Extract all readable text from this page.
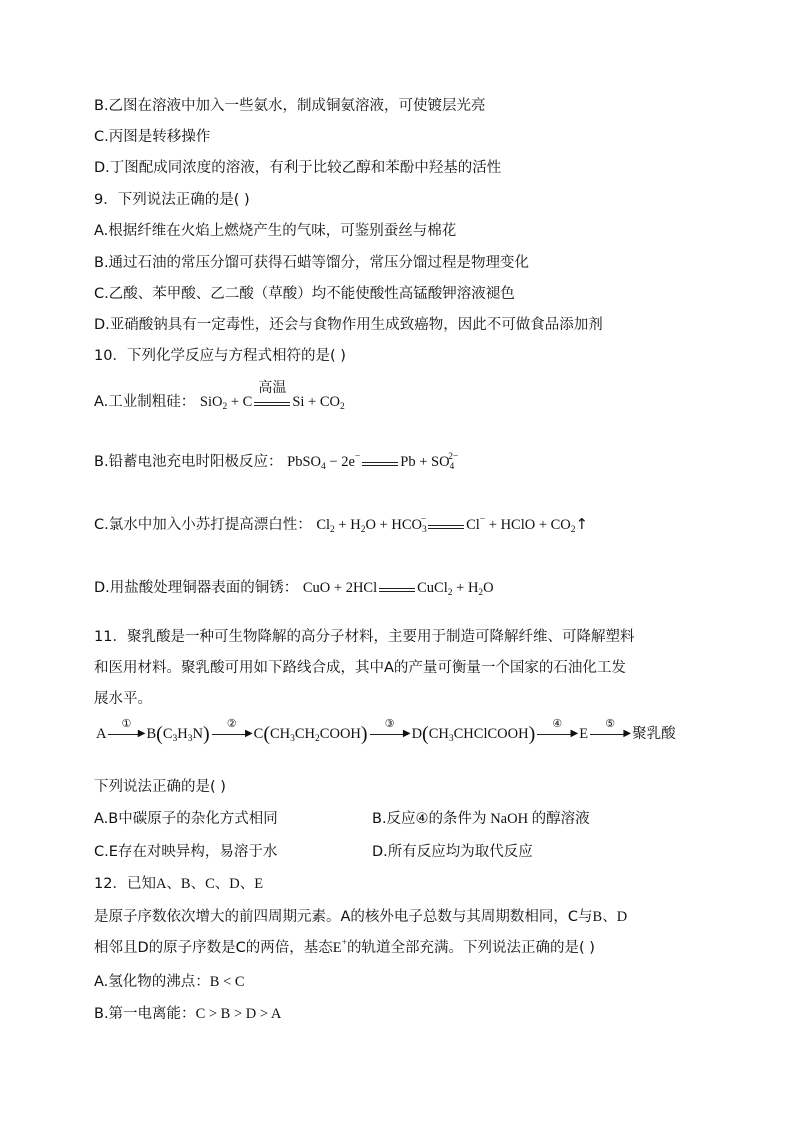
B.乙图在溶液中加入一些氨水，制成铜氨溶液，可使镀层光亮
C.丙图是转移操作
D.丁图配成同浓度的溶液，有利于比较乙醇和苯酚中羟基的活性
9．下列说法正确的是( )
A.根据纤维在火焰上燃烧产生的气味，可鉴别蚕丝与棉花
B.通过石油的常压分馏可获得石蜡等馏分，常压分馏过程是物理变化
C.乙酸、苯甲酸、乙二酸（草酸）均不能使酸性高锰酸钾溶液褪色
D.亚硝酸钠具有一定毒性，还会与食物作用生成致癌物，因此不可做食品添加剂
10．下列化学反应与方程式相符的是( )
A.工业制粗硅： SiO$_2$ + C
高温
$Si + CO_2$
B.铅蓄电池充电时阳极反应： PbSO$_4$ − 2e−	$Pb + SO_4^{2-}$
C.氯水中加入小苏打提高漂白性： $Cl_2 + H_2O + HCO_3^-$	Cl− + HClO + $CO_2↑$
D.用盐酸处理铜器表面的铜锈： CuO + 2HCl	CuCl$_2$ + $H_2O$
11．聚乳酸是一种可生物降解的高分子材料，主要用于制造可降解纤维、可降解塑料
和医用材料。聚乳酸可用如下路线合成，其中A的产量可衡量一个国家的石油化工发
展水平。
A
①
▶ $B(C_3H_3N)$	②
▶ $C(CH_3CH_2COOH)$	③
▶ $D(CH_3CHClCOOH)$	④
▶ E
⑤
▶ 聚乳酸
下列说法正确的是( )
A.B中碳原子的杂化方式相同	B.反应④的条件为 NaOH 的醇溶液
C.E存在对映异构，易溶于水	D.所有反应均为取代反应
12．已知A、B、C、D、E
是原子序数依次增大的前四周期元素。A的核外电子总数与其周期数相同，C与B、D
相邻且D的原子序数是C的两倍，基态E+的轨道全部充满。下列说法正确的是( )
A.氢化物的沸点：B < C
B.第一电离能：C > B > D > A
